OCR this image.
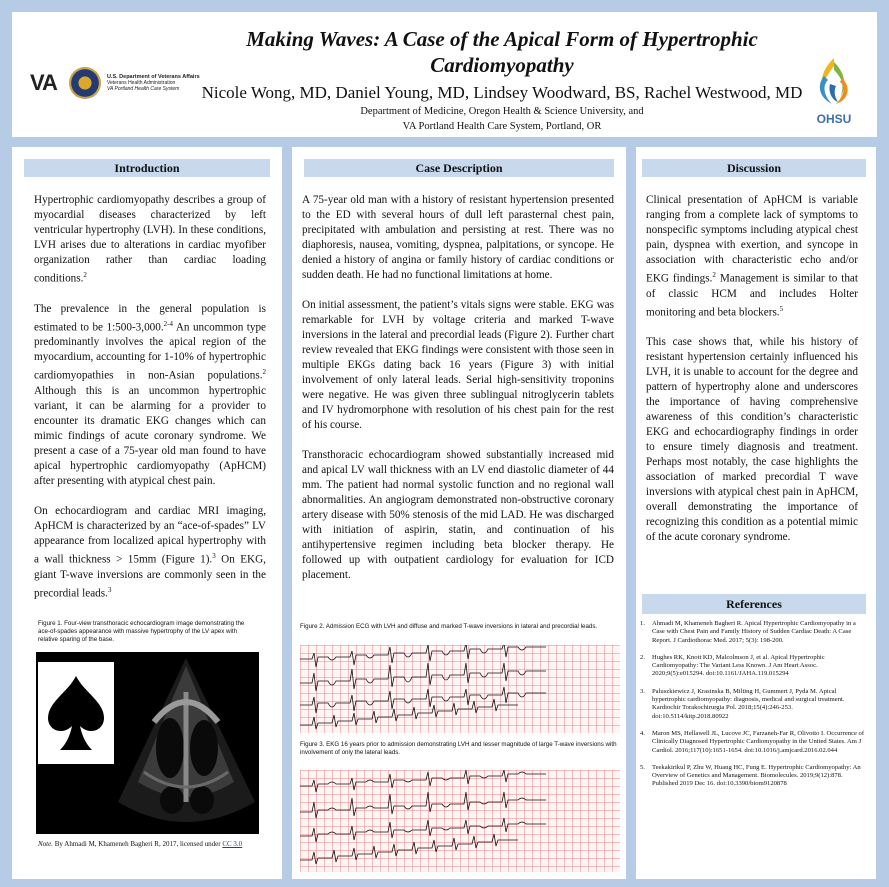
VA	U.S. Department of Veterans Affairs
Veterans Health Administration
VA Portland Health Care System
Making Waves: A Case of the Apical Form of Hypertrophic
Cardiomyopathy
Nicole Wong, MD, Daniel Young, MD, Lindsey Woodward, BS, Rachel Westwood, MD
Department of Medicine, Oregon Health & Science University, and
VA Portland Health Care System, Portland, OR
OHSU
Introduction

Hypertrophic cardiomyopathy describes a group of myocardial diseases characterized by left ventricular hypertrophy (LVH). In these conditions, LVH arises due to alterations in cardiac myofiber organization rather than cardiac loading conditions.$^2$

The prevalence in the general population is estimated to be 1:500-3,000.$^{2-4}$ An uncommon type predominantly involves the apical region of the myocardium, accounting for 1-10% of hypertrophic cardiomyopathies in non-Asian populations.$^2$ Although this is an uncommon hypertrophic variant, it can be alarming for a provider to encounter its dramatic EKG changes which can mimic findings of acute coronary syndrome. We present a case of a 75-year old man found to have apical hypertrophic cardiomyopathy (ApHCM) after presenting with atypical chest pain.

On echocardiogram and cardiac MRI imaging, ApHCM is characterized by an “ace-of-spades” LV appearance from localized apical hypertrophy with a wall thickness > 15mm (Figure 1).$^3$ On EKG, giant T-wave inversions are commonly seen in the precordial leads.$^3$

Figure 1. Four-view transthoracic echocardiogram image demonstrating the ace-of-spades appearance with massive hypertrophy of the LV apex with relative sparing of the base.
Note. By Ahmadi M, Khameneh Bagheri R, 2017, licensed under CC 3.0
Case Description

A 75-year old man with a history of resistant hypertension presented to the ED with several hours of dull left parasternal chest pain, precipitated with ambulation and persisting at rest. There was no diaphoresis, nausea, vomiting, dyspnea, palpitations, or syncope. He denied a history of angina or family history of cardiac conditions or sudden death. He had no functional limitations at home.

On initial assessment, the patient’s vitals signs were stable. EKG was remarkable for LVH by voltage criteria and marked T-wave inversions in the lateral and precordial leads (Figure 2). Further chart review revealed that EKG findings were consistent with those seen in multiple EKGs dating back 16 years (Figure 3) with initial involvement of only lateral leads. Serial high-sensitivity troponins were negative. He was given three sublingual nitroglycerin tablets and IV hydromorphone with resolution of his chest pain for the rest of his course.

Transthoracic echocardiogram showed substantially increased mid and apical LV wall thickness with an LV end diastolic diameter of 44 mm. The patient had normal systolic function and no regional wall abnormalities. An angiogram demonstrated non-obstructive coronary artery disease with 50% stenosis of the mid LAD. He was discharged with initiation of aspirin, statin, and continuation of his antihypertensive regimen including beta blocker therapy. He followed up with outpatient cardiology for evaluation for ICD placement.

Figure 2. Admission ECG with LVH and diffuse and marked T-wave inversions in lateral and precordial leads.
Figure 3. EKG 16 years prior to admission demonstrating LVH and lesser magnitude of large T-wave inversions with involvement of only the lateral leads.
Discussion

Clinical presentation of ApHCM is variable ranging from a complete lack of symptoms to nonspecific symptoms including atypical chest pain, dyspnea with exertion, and syncope in association with characteristic echo and/or EKG findings.$^2$ Management is similar to that of classic HCM and includes Holter monitoring and beta blockers.$^5$

This case shows that, while his history of resistant hypertension certainly influenced his LVH, it is unable to account for the degree and pattern of hypertrophy alone and underscores the importance of having comprehensive awareness of this condition’s characteristic EKG and echocardiography findings in order to ensure timely diagnosis and treatment. Perhaps most notably, the case highlights the association of marked precordial T wave inversions with atypical chest pain in ApHCM, overall demonstrating the importance of recognizing this condition as a potential mimic of the acute coronary syndrome.

References
1.	Ahmadi M, Khameneh Bagheri R. Apical Hypertrophic Cardiomyopathy in a Case with Chest Pain and Family History of Sudden Cardiac Death: A Case Report. J Cardiothorac Med. 2017; 5(3): 198-200.
2.	Hughes RK, Knott KD, Malcolmson J, et al. Apical Hypertrophic Cardiomyopathy: The Variant Less Known. J Am Heart Assoc. 2020;9(5):e015294. doi:10.1161/JAHA.119.015294
3.	Paluszkiewicz J, Krasinska B, Milting H, Gummert J, Pyda M. Apical hypertrophic cardiomyopathy: diagnosis, medical and surgical treatment. Kardiochir Torakochirurgia Pol. 2018;15(4):246-253. doi:10.5114/kitp.2018.80922
4.	Maron MS, Hellawell JL, Lucove JC, Farzaneh-Far R, Olivotto I. Occurrence of Clinically Diagnosed Hypertrophic Cardiomyopathy in the United States. Am J Cardiol. 2016;117(10):1651-1654. doi:10.1016/j.amjcard.2016.02.044
5.	Teekakirikul P, Zhu W, Huang HC, Fung E. Hypertrophic Cardiomyopathy: An Overview of Genetics and Management. Biomolecules. 2019;9(12):878. Published 2019 Dec 16. doi:10.3390/biom9120878
